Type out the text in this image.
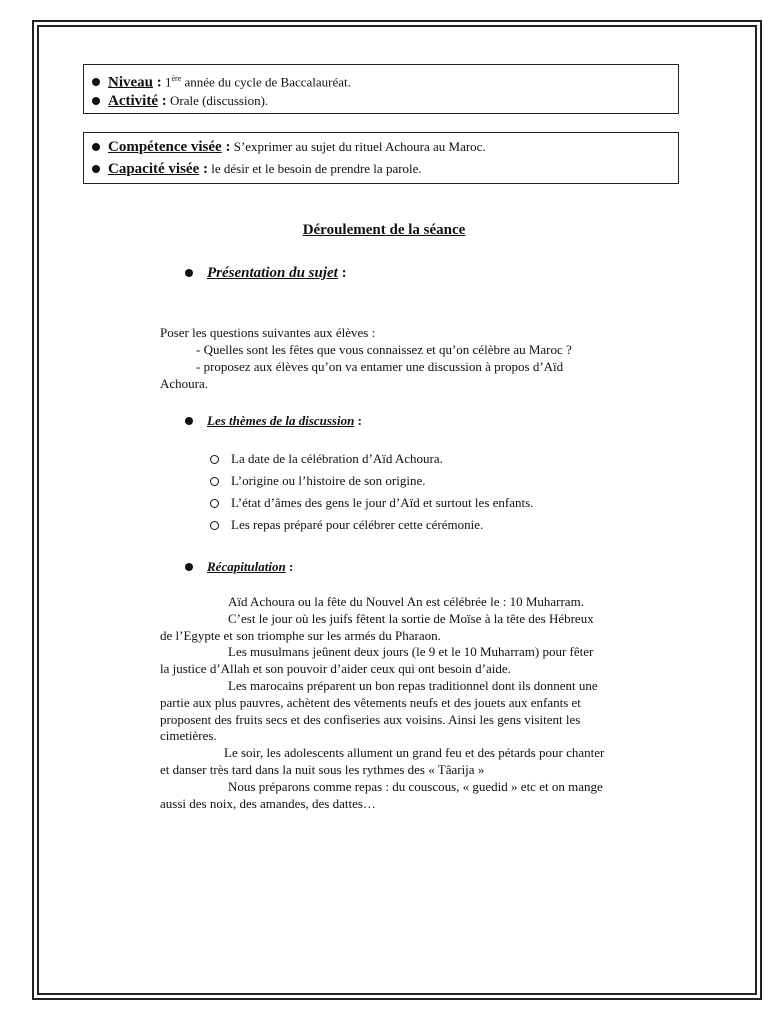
Niveau : 1ère année du cycle de Baccalauréat.
Activité : Orale (discussion).
Compétence visée : S’exprimer au sujet du rituel Achoura au Maroc.
Capacité visée : le désir et le besoin de prendre la parole.
Déroulement de la séance
Présentation du sujet :
Poser les questions suivantes aux élèves :
- Quelles sont les fêtes que vous connaissez et qu’on célèbre au Maroc ?
- proposez aux élèves qu’on va entamer une discussion à propos d’Aïd
Achoura.
Les thèmes de la discussion :
La date de la célébration d’Aïd Achoura.
L’origine ou l’histoire de son origine.
L’état d’âmes des gens le jour d’Aïd et surtout les enfants.
Les repas préparé pour célébrer cette cérémonie.
Récapitulation :
Aïd Achoura ou la fête du Nouvel An est célébrée le : 10 Muharram.
C’est le jour où les juifs fêtent la sortie de Moïse à la tête des Hébreux
de l’Egypte et son triomphe sur les armés du Pharaon.
Les musulmans jeûnent deux jours (le 9 et le 10 Muharram) pour fêter
la justice d’Allah et son pouvoir d’aider ceux qui ont besoin d’aide.
Les marocains préparent un bon repas traditionnel dont ils donnent une
partie aux plus pauvres, achètent des vêtements neufs et des jouets aux enfants et
proposent des fruits secs et des confiseries aux voisins. Ainsi les gens visitent les
cimetières.
Le soir, les adolescents allument un grand feu et des pétards pour chanter
et danser très tard dans la nuit sous les rythmes des « Tâarija »
Nous préparons comme repas : du couscous, « guedid » etc et on mange
aussi des noix, des amandes, des dattes…
